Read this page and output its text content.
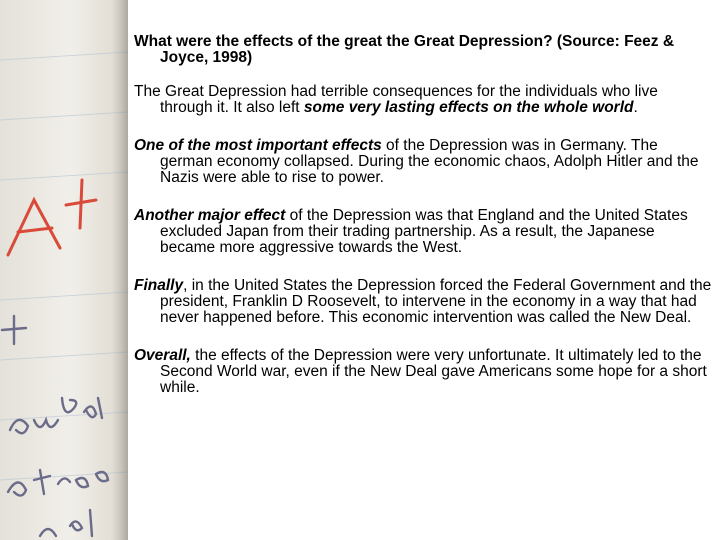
What were the effects of the great the Great Depression? (Source: Feez & Joyce, 1998)

The Great Depression had terrible consequences for the individuals who live through it. It also left some very lasting effects on the whole world.

One of the most important effects of the Depression was in Germany. The german economy collapsed. During the economic chaos, Adolph Hitler and the Nazis were able to rise to power.

Another major effect of the Depression was that England and the United States excluded Japan from their trading partnership. As a result, the Japanese became more aggressive towards the West.

Finally, in the United States the Depression forced the Federal Government and the president, Franklin D Roosevelt, to intervene in the economy in a way that had never happened before. This economic intervention was called the New Deal.

Overall, the effects of the Depression were very unfortunate. It ultimately led to the Second World war, even if the New Deal gave Americans some hope for a short while.
